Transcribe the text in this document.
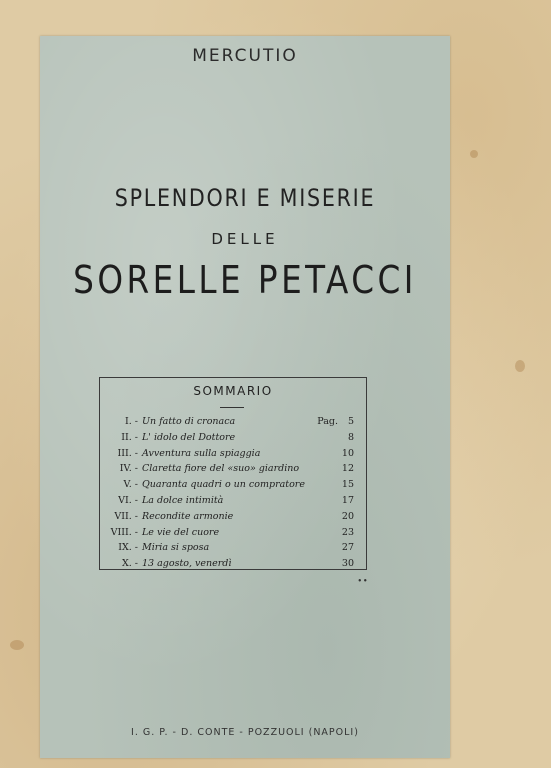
MERCUTIO
SPLENDORI E MISERIE
DELLE
SORELLE PETACCI
SOMMARIO
I. - Un fatto di cronaca	Pag. 5
II. - L' idolo del Dottore	8
III. - Avventura sulla spiaggia	10
IV. - Claretta fiore del «suo» giardino	12
V. - Quaranta quadri o un compratore	15
VI. - La dolce intimità	17
VII. - Recondite armonie	20
VIII. - Le vie del cuore	23
IX. - Miria si sposa	27
X. - 13 agosto, venerdì	30
• •
I. G. P. - D. CONTE - POZZUOLI (NAPOLI)
